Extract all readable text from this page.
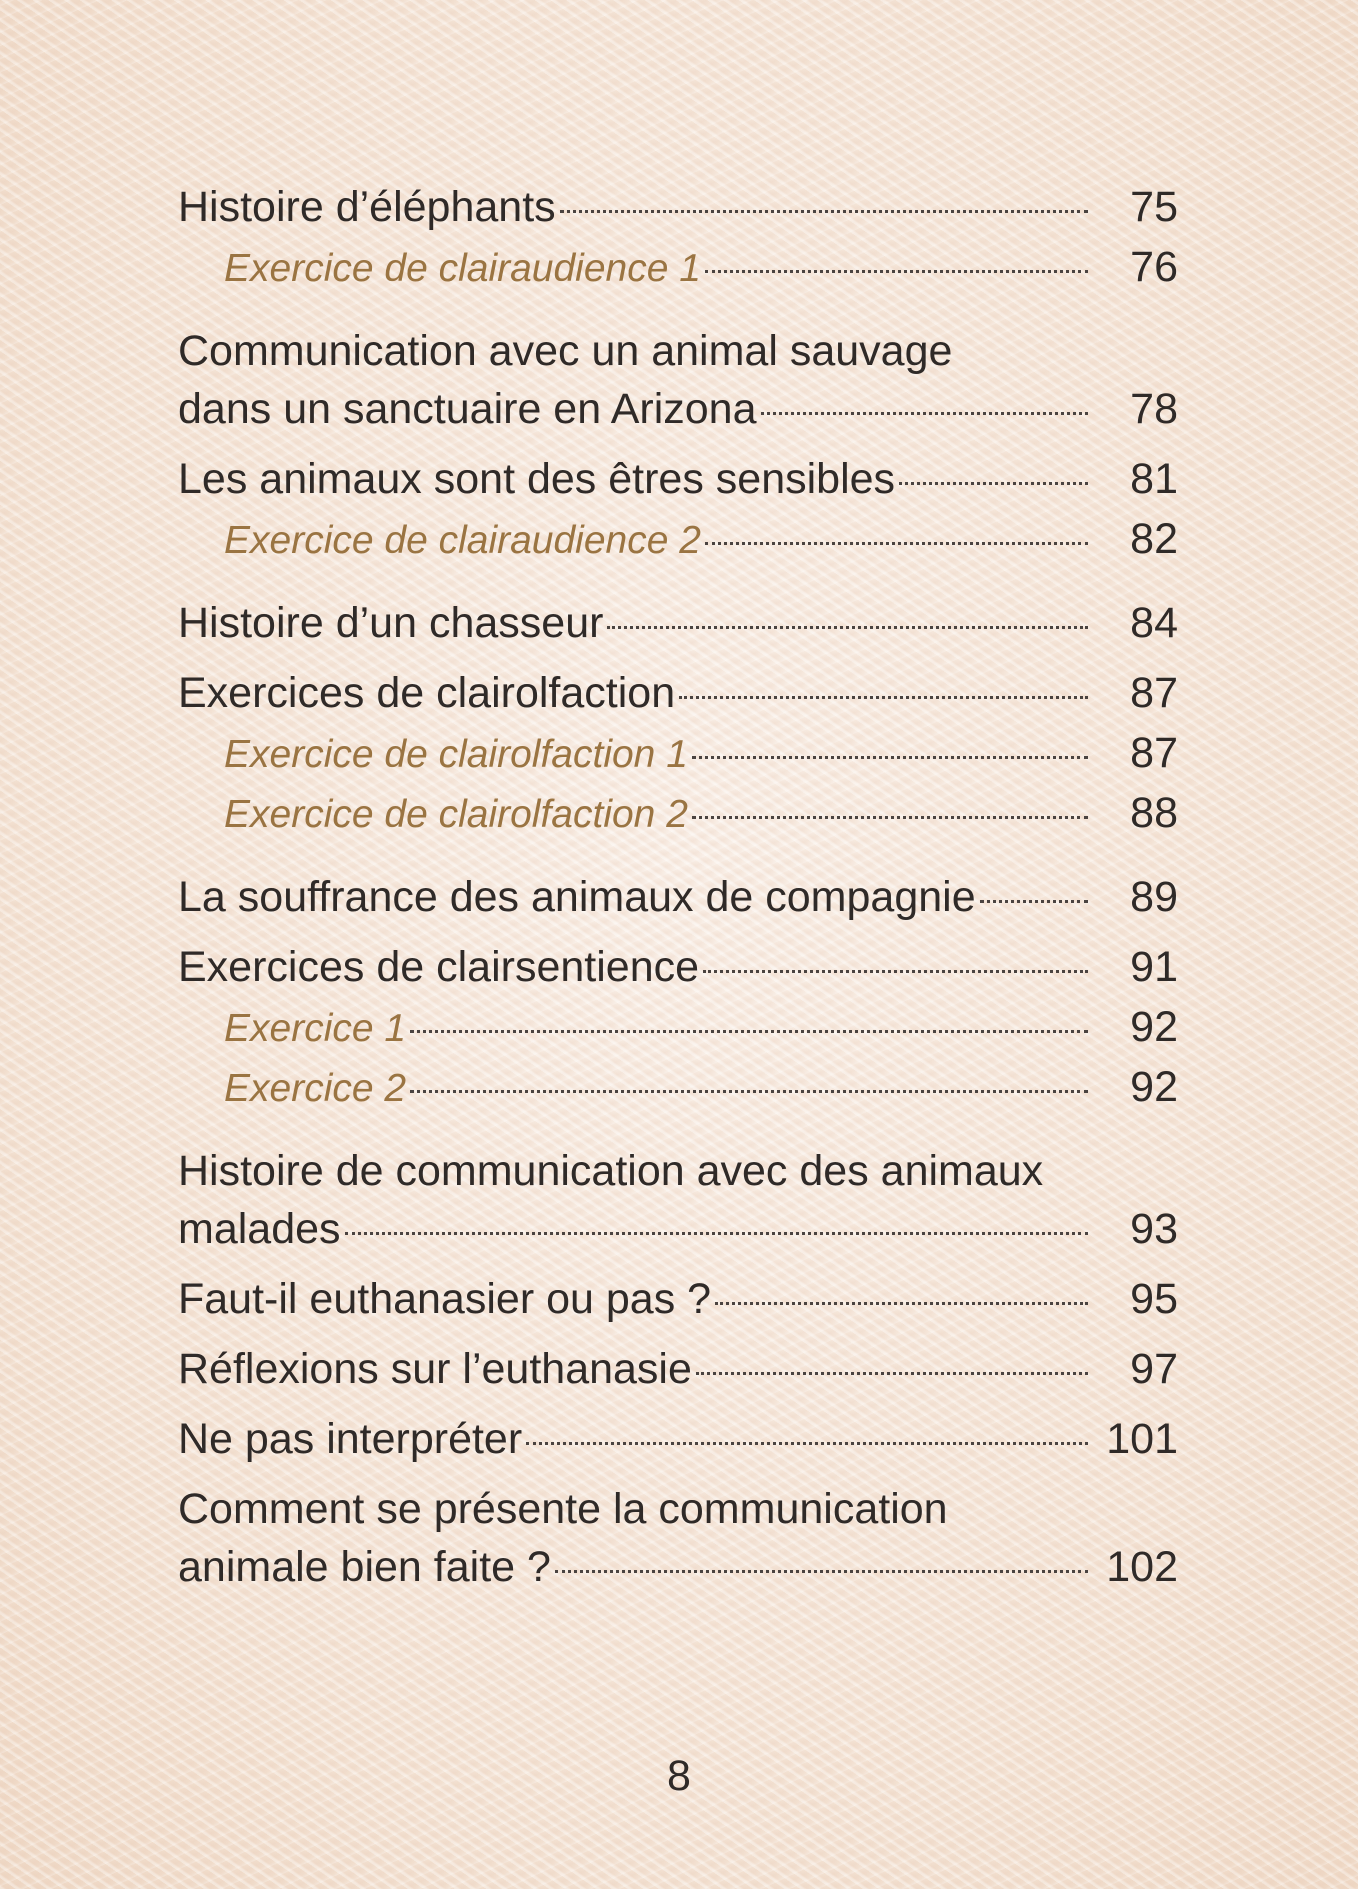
Histoire d’éléphants	75
Exercice de clairaudience 1	76
Communication avec un animal sauvage
dans un sanctuaire en Arizona	78
Les animaux sont des êtres sensibles	81
Exercice de clairaudience 2	82
Histoire d’un chasseur	84
Exercices de clairolfaction	87
Exercice de clairolfaction 1	87
Exercice de clairolfaction 2	88
La souffrance des animaux de compagnie	89
Exercices de clairsentience	91
Exercice 1	92
Exercice 2	92
Histoire de communication avec des animaux
malades	93
Faut-il euthanasier ou pas ?	95
Réflexions sur l’euthanasie	97
Ne pas interpréter	101
Comment se présente la communication
animale bien faite ?	102
8
